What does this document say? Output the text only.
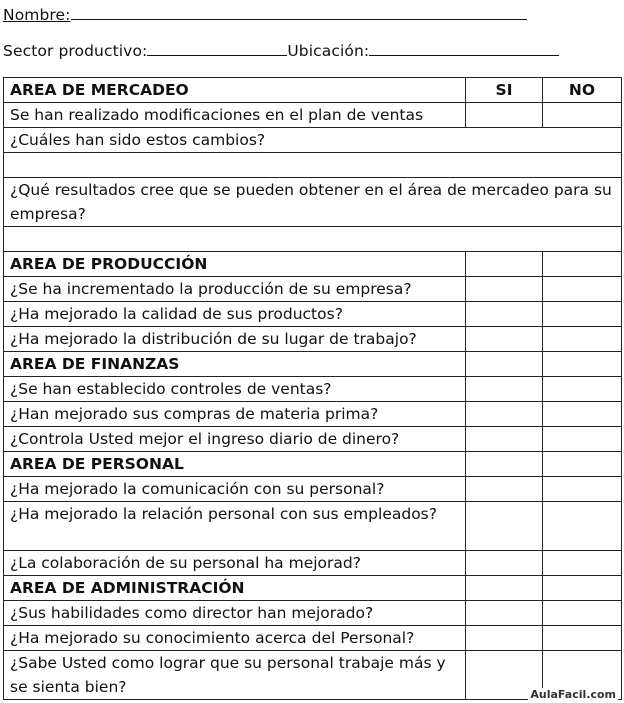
Nombre:
Sector productivo:	Ubicación:
AREA DE MERCADEO	SI	NO
Se han realizado modificaciones en el plan de ventas		
¿Cuáles han sido estos cambios?		

¿Qué resultados cree que se pueden obtener en el área de mercadeo para su empresa?		

AREA DE PRODUCCIÓN		
¿Se ha incrementado la producción de su empresa?		
¿Ha mejorado la calidad de sus productos?		
¿Ha mejorado la distribución de su lugar de trabajo?		
AREA DE FINANZAS		
¿Se han establecido controles de ventas?		
¿Han mejorado sus compras de materia prima?		
¿Controla Usted mejor el ingreso diario de dinero?		
AREA DE PERSONAL		
¿Ha mejorado la comunicación con su personal?		
¿Ha mejorado la relación personal con sus empleados?		
¿La colaboración de su personal ha mejorad?		
AREA DE ADMINISTRACIÓN		
¿Sus habilidades como director han mejorado?		
¿Ha mejorado su conocimiento acerca del Personal?		
¿Sabe Usted como lograr que su personal trabaje más y se sienta bien?			AulaFacil.com
